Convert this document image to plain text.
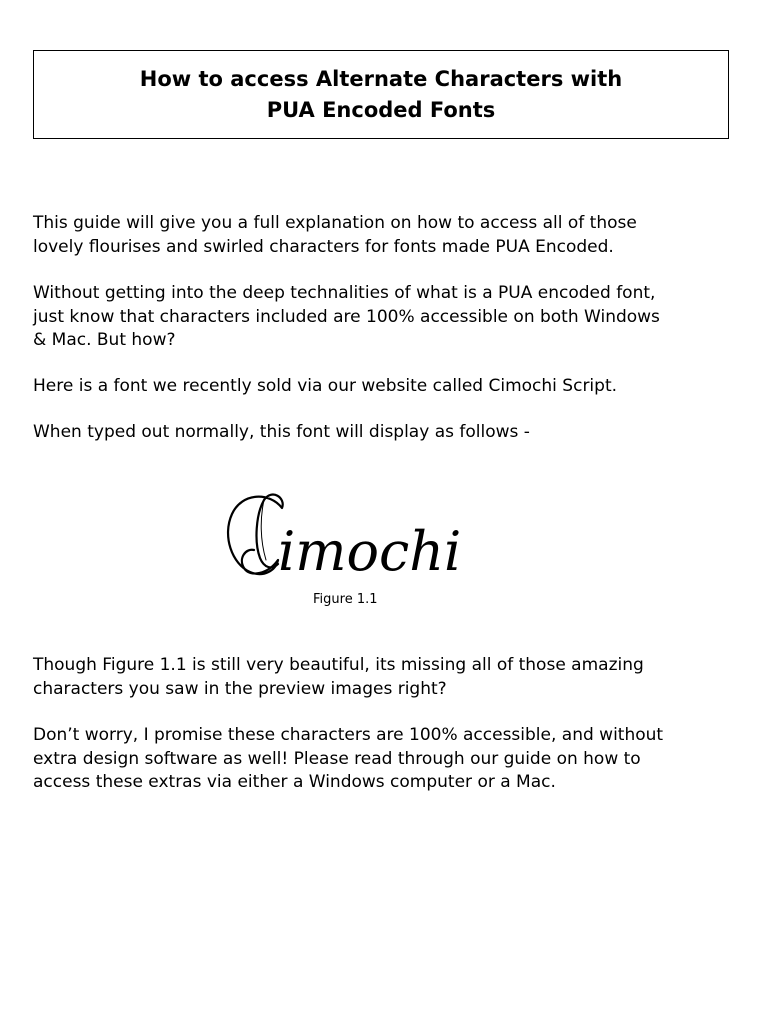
How to access Alternate Characters with
PUA Encoded Fonts
This guide will give you a full explanation on how to access all of those
lovely flourises and swirled characters for fonts made PUA Encoded.
Without getting into the deep technalities of what is a PUA encoded font,
just know that characters included are 100% accessible on both Windows
& Mac. But how?
Here is a font we recently sold via our website called Cimochi Script.
When typed out normally, this font will display as follows -
imochi
Figure 1.1
Though Figure 1.1 is still very beautiful, its missing all of those amazing
characters you saw in the preview images right?
Don’t worry, I promise these characters are 100% accessible, and without
extra design software as well! Please read through our guide on how to
access these extras via either a Windows computer or a Mac.
